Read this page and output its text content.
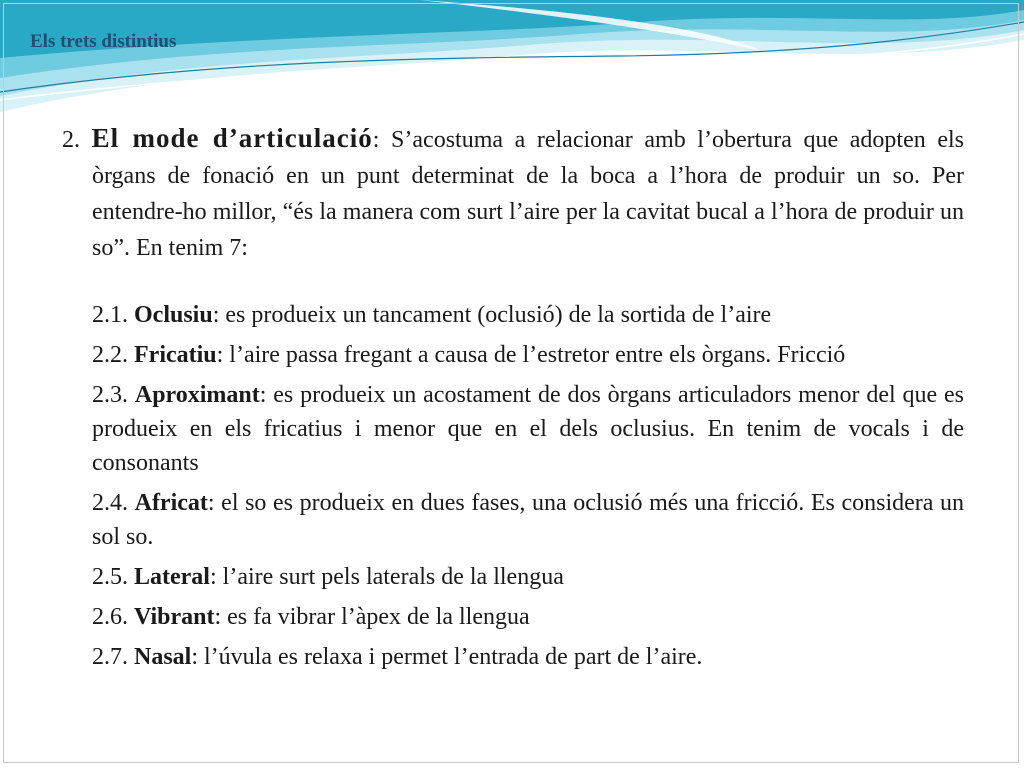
Els trets distintius

2. El mode d’articulació: S’acostuma a relacionar amb l’obertura que adopten els òrgans de fonació en un punt determinat de la boca a l’hora de produir un so. Per entendre-ho millor, “és la manera com surt l’aire per la cavitat bucal a l’hora de produir un so”. En tenim 7:

2.1. Oclusiu: es produeix un tancament (oclusió) de la sortida de l’aire
2.2. Fricatiu: l’aire passa fregant a causa de l’estretor entre els òrgans. Fricció
2.3. Aproximant: es produeix un acostament de dos òrgans articuladors menor del que es produeix en els fricatius i menor que en el dels oclusius. En tenim de vocals i de consonants
2.4. Africat: el so es produeix en dues fases, una oclusió més una fricció. Es considera un sol so.
2.5. Lateral: l’aire surt pels laterals de la llengua
2.6. Vibrant: es fa vibrar l’àpex de la llengua
2.7. Nasal: l’úvula es relaxa i permet l’entrada de part de l’aire.
